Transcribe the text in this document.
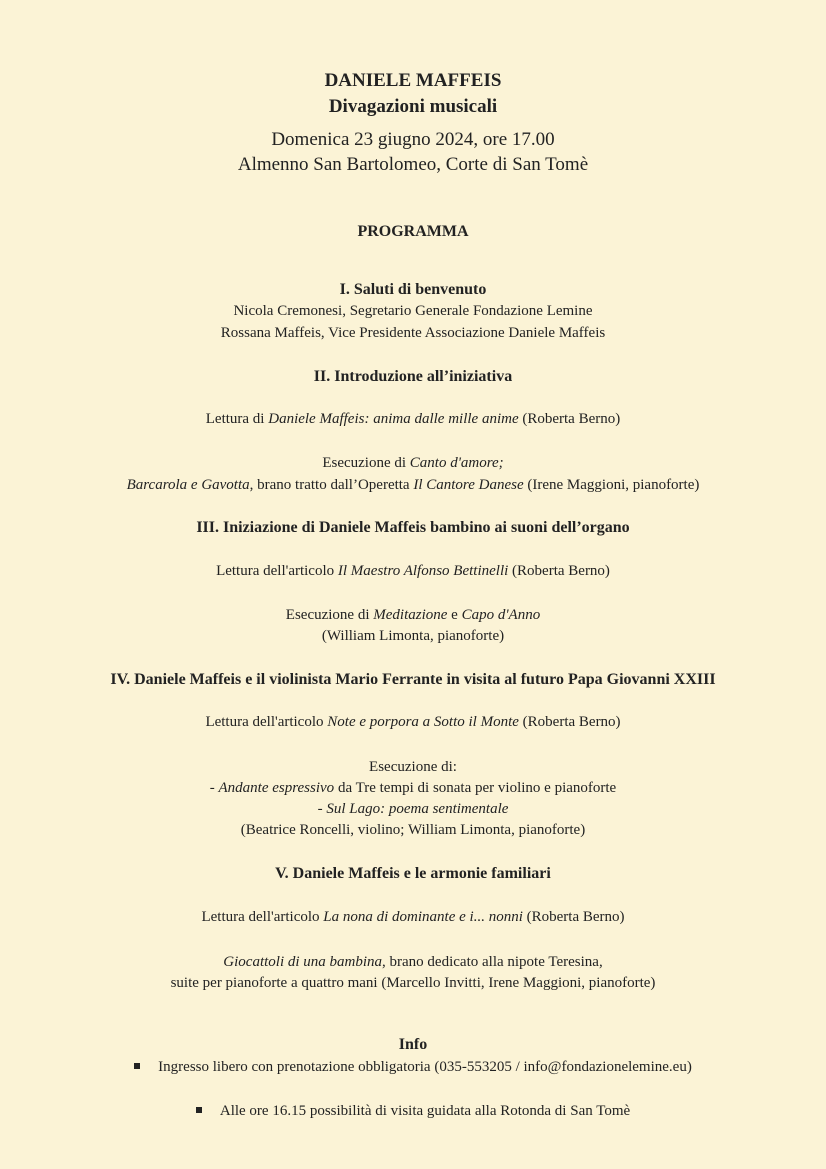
DANIELE MAFFEIS
Divagazioni musicali
Domenica 23 giugno 2024, ore 17.00
Almenno San Bartolomeo, Corte di San Tomè
PROGRAMMA
I. Saluti di benvenuto
Nicola Cremonesi, Segretario Generale Fondazione Lemine
Rossana Maffeis, Vice Presidente Associazione Daniele Maffeis
II. Introduzione all’iniziativa
Lettura di Daniele Maffeis: anima dalle mille anime (Roberta Berno)
Esecuzione di Canto d'amore;
Barcarola e Gavotta, brano tratto dall’Operetta Il Cantore Danese (Irene Maggioni, pianoforte)
III. Iniziazione di Daniele Maffeis bambino ai suoni dell’organo
Lettura dell'articolo Il Maestro Alfonso Bettinelli (Roberta Berno)
Esecuzione di Meditazione e Capo d'Anno
(William Limonta, pianoforte)
IV. Daniele Maffeis e il violinista Mario Ferrante in visita al futuro Papa Giovanni XXIII
Lettura dell'articolo Note e porpora a Sotto il Monte (Roberta Berno)
Esecuzione di:
- Andante espressivo da Tre tempi di sonata per violino e pianoforte
- Sul Lago: poema sentimentale
(Beatrice Roncelli, violino; William Limonta, pianoforte)
V. Daniele Maffeis e le armonie familiari
Lettura dell'articolo La nona di dominante e i... nonni (Roberta Berno)
Giocattoli di una bambina, brano dedicato alla nipote Teresina,
suite per pianoforte a quattro mani (Marcello Invitti, Irene Maggioni, pianoforte)
Info
Ingresso libero con prenotazione obbligatoria (035-553205 / info@fondazionelemine.eu)
Alle ore 16.15 possibilità di visita guidata alla Rotonda di San Tomè
